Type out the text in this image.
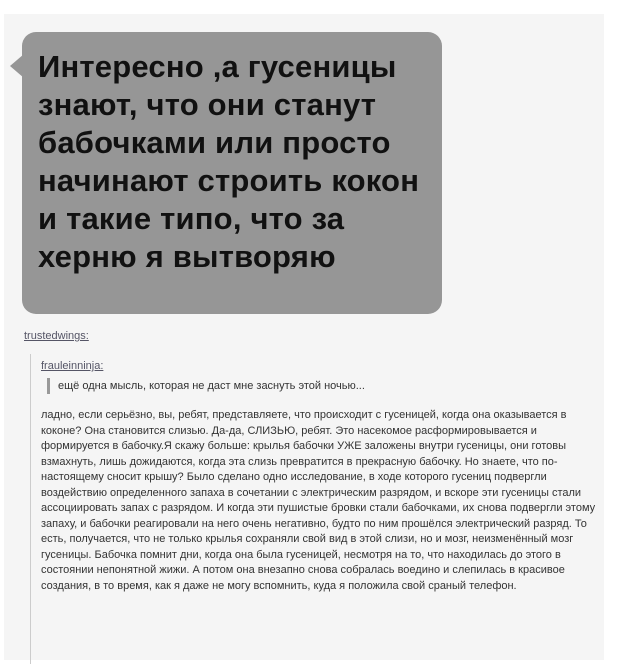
Интересно ,а гусеницы знают, что они станут бабочками или просто начинают строить кокон и такие типо, что за херню я вытворяю

trustedwings:
frauleinninja:
ещё одна мысль, которая не даст мне заснуть этой ночью...

ладно, если серьёзно, вы, ребят, представляете, что происходит с гусеницей, когда она оказывается в коконе? Она становится слизью. Да-да, СЛИЗЬЮ, ребят. Это насекомое расформировывается и формируется в бабочку.Я скажу больше: крылья бабочки УЖЕ заложены внутри гусеницы, они готовы взмахнуть, лишь дожидаются, когда эта слизь превратится в прекрасную бабочку. Но знаете, что по-настоящему сносит крышу? Было сделано одно исследование, в ходе которого гусениц подвергли воздействию определенного запаха в сочетании с электрическим разрядом, и вскоре эти гусеницы стали ассоциировать запах с разрядом. И когда эти пушистые бровки стали бабочками, их снова подвергли этому запаху, и бабочки реагировали на него очень негативно, будто по ним прошёлся электрический разряд. То есть, получается, что не только крылья сохраняли свой вид в этой слизи, но и мозг, неизменённый мозг гусеницы. Бабочка помнит дни, когда она была гусеницей, несмотря на то, что находилась до этого в состоянии непонятной жижи. А потом она внезапно снова собралась воедино и слепилась в красивое создания, в то время, как я даже не могу вспомнить, куда я положила свой сраный телефон.
